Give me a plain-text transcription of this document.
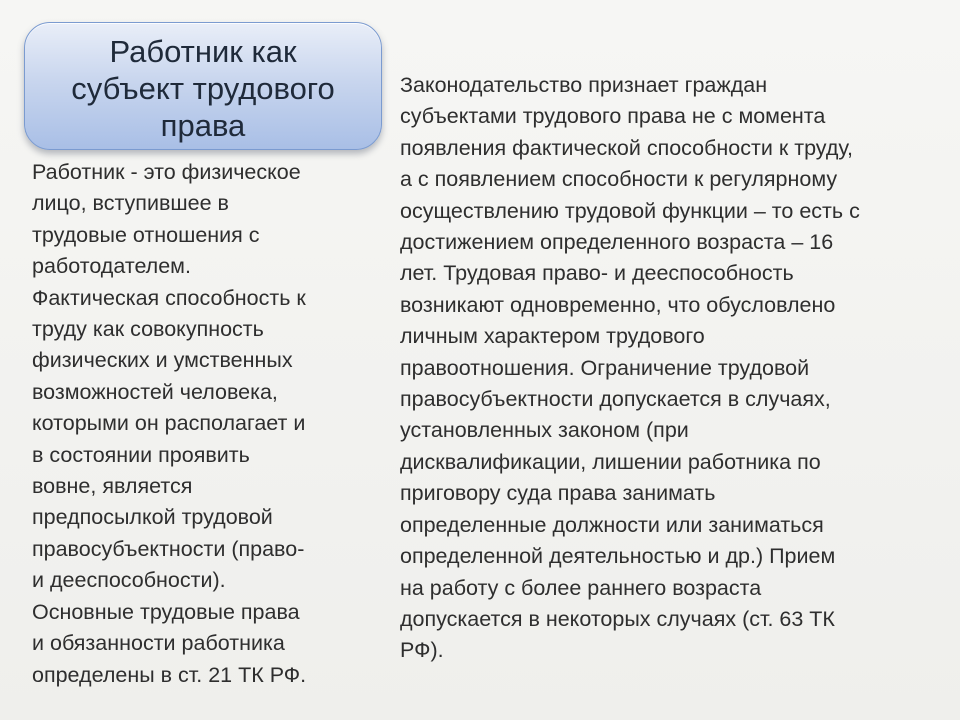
Работник как
субъект трудового
права
Работник - это физическое
лицо, вступившее в
трудовые отношения с
работодателем.
Фактическая способность к
труду как совокупность
физических и умственных
возможностей человека,
которыми он располагает и
в состоянии проявить
вовне, является
предпосылкой трудовой
правосубъектности (право-
и дееспособности).
Основные трудовые права
и обязанности работника
определены в ст. 21 ТК РФ.
Законодательство признает граждан
субъектами трудового права не с момента
появления фактической способности к труду,
а с появлением способности к регулярному
осуществлению трудовой функции – то есть с
достижением определенного возраста – 16
лет. Трудовая право- и дееспособность
возникают одновременно, что обусловлено
личным характером трудового
правоотношения. Ограничение трудовой
правосубъектности допускается в случаях,
установленных законом (при
дисквалификации, лишении работника по
приговору суда права занимать
определенные должности или заниматься
определенной деятельностью и др.) Прием
на работу с более раннего возраста
допускается в некоторых случаях (ст. 63 ТК
РФ).
